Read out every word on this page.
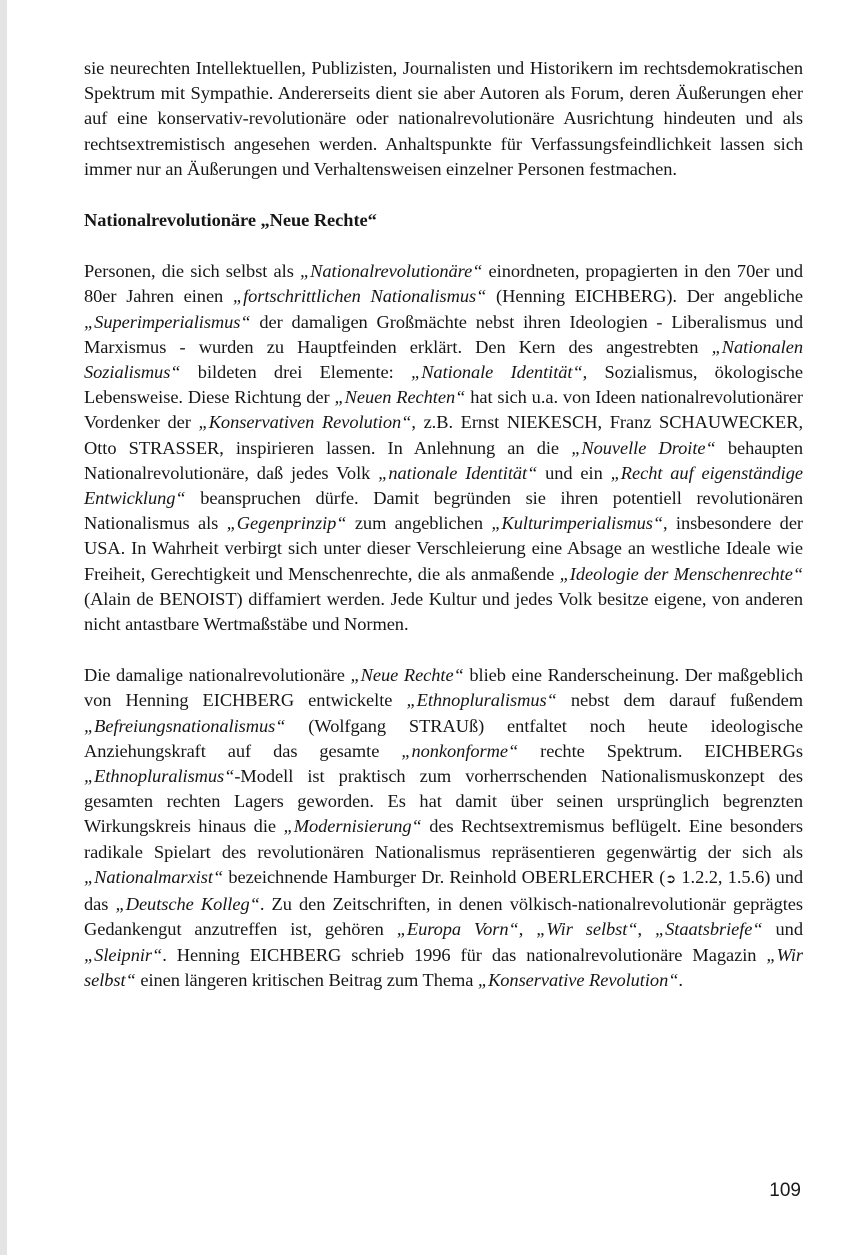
sie neurechten Intellektuellen, Publizisten, Journalisten und Historikern im rechtsdemokratischen Spektrum mit Sympathie. Andererseits dient sie aber Autoren als Forum, deren Äußerungen eher auf eine konservativ-revolutionäre oder nationalrevolutionäre Ausrichtung hindeuten und als rechtsextremistisch angesehen werden. Anhaltspunkte für Verfassungsfeindlichkeit lassen sich immer nur an Äußerungen und Verhaltensweisen einzelner Personen festmachen.

Nationalrevolutionäre „Neue Rechte“

Personen, die sich selbst als „Nationalrevolutionäre“ einordneten, propagierten in den 70er und 80er Jahren einen „fortschrittlichen Nationalismus“ (Henning EICHBERG). Der angebliche „Superimperialismus“ der damaligen Großmächte nebst ihren Ideologien - Liberalismus und Marxismus - wurden zu Hauptfeinden erklärt. Den Kern des angestrebten „Nationalen Sozialismus“ bildeten drei Elemente: „Nationale Identität“, Sozialismus, ökologische Lebensweise. Diese Richtung der „Neuen Rechten“ hat sich u.a. von Ideen nationalrevolutionärer Vordenker der „Konservativen Revolution“, z.B. Ernst NIEKESCH, Franz SCHAUWECKER, Otto STRASSER, inspirieren lassen. In Anlehnung an die „Nouvelle Droite“ behaupten Nationalrevolutionäre, daß jedes Volk „nationale Identität“ und ein „Recht auf eigenständige Entwicklung“ beanspruchen dürfe. Damit begründen sie ihren potentiell revolutionären Nationalismus als „Gegenprinzip“ zum angeblichen „Kulturimperialismus“, insbesondere der USA. In Wahrheit verbirgt sich unter dieser Verschleierung eine Absage an westliche Ideale wie Freiheit, Gerechtigkeit und Menschenrechte, die als anmaßende „Ideologie der Menschenrechte“ (Alain de BENOIST) diffamiert werden. Jede Kultur und jedes Volk besitze eigene, von anderen nicht antastbare Wertmaßstäbe und Normen.

Die damalige nationalrevolutionäre „Neue Rechte“ blieb eine Randerscheinung. Der maßgeblich von Henning EICHBERG entwickelte „Ethnopluralismus“ nebst dem darauf fußendem „Befreiungsnationalismus“ (Wolfgang STRAUß) entfaltet noch heute ideologische Anziehungskraft auf das gesamte „nonkonforme“ rechte Spektrum. EICHBERGs „Ethnopluralismus“-Modell ist praktisch zum vorherrschenden Nationalismuskonzept des gesamten rechten Lagers geworden. Es hat damit über seinen ursprünglich begrenzten Wirkungskreis hinaus die „Modernisierung“ des Rechtsextremismus beflügelt. Eine besonders radikale Spielart des revolutionären Nationalismus repräsentieren gegenwärtig der sich als „Nationalmarxist“ bezeichnende Hamburger Dr. Reinhold OBERLERCHER (➲ 1.2.2, 1.5.6) und das „Deutsche Kolleg“. Zu den Zeitschriften, in denen völkisch-nationalrevolutionär geprägtes Gedankengut anzutreffen ist, gehören „Europa Vorn“, „Wir selbst“, „Staatsbriefe“ und „Sleipnir“. Henning EICHBERG schrieb 1996 für das nationalrevolutionäre Magazin „Wir selbst“ einen längeren kritischen Beitrag zum Thema „Konservative Revolution“.

109
